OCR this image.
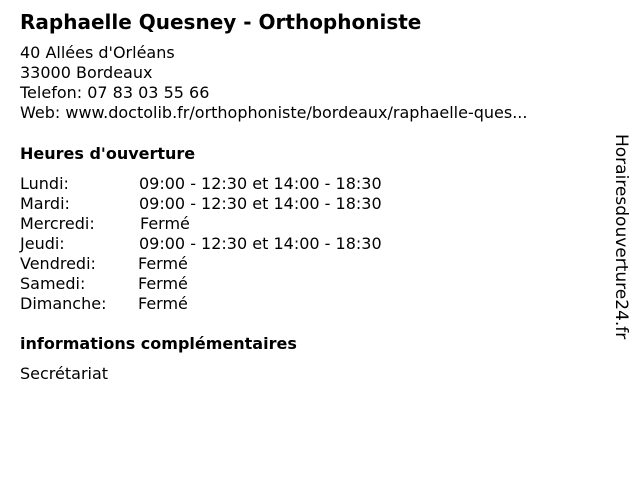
Raphaelle Quesney - Orthophoniste
40 Allées d'Orléans
33000 Bordeaux
Telefon: 07 83 03 55 66
Web: www.doctolib.fr/orthophoniste/bordeaux/raphaelle-ques...
Heures d'ouverture
Lundi:	09:00 - 12:30 et 14:00 - 18:30
Mardi:	09:00 - 12:30 et 14:00 - 18:30
Mercredi:	Fermé
Jeudi:	09:00 - 12:30 et 14:00 - 18:30
Vendredi:	Fermé
Samedi:	Fermé
Dimanche: Fermé
informations complémentaires
Secrétariat
Horairesdouverture24.fr
